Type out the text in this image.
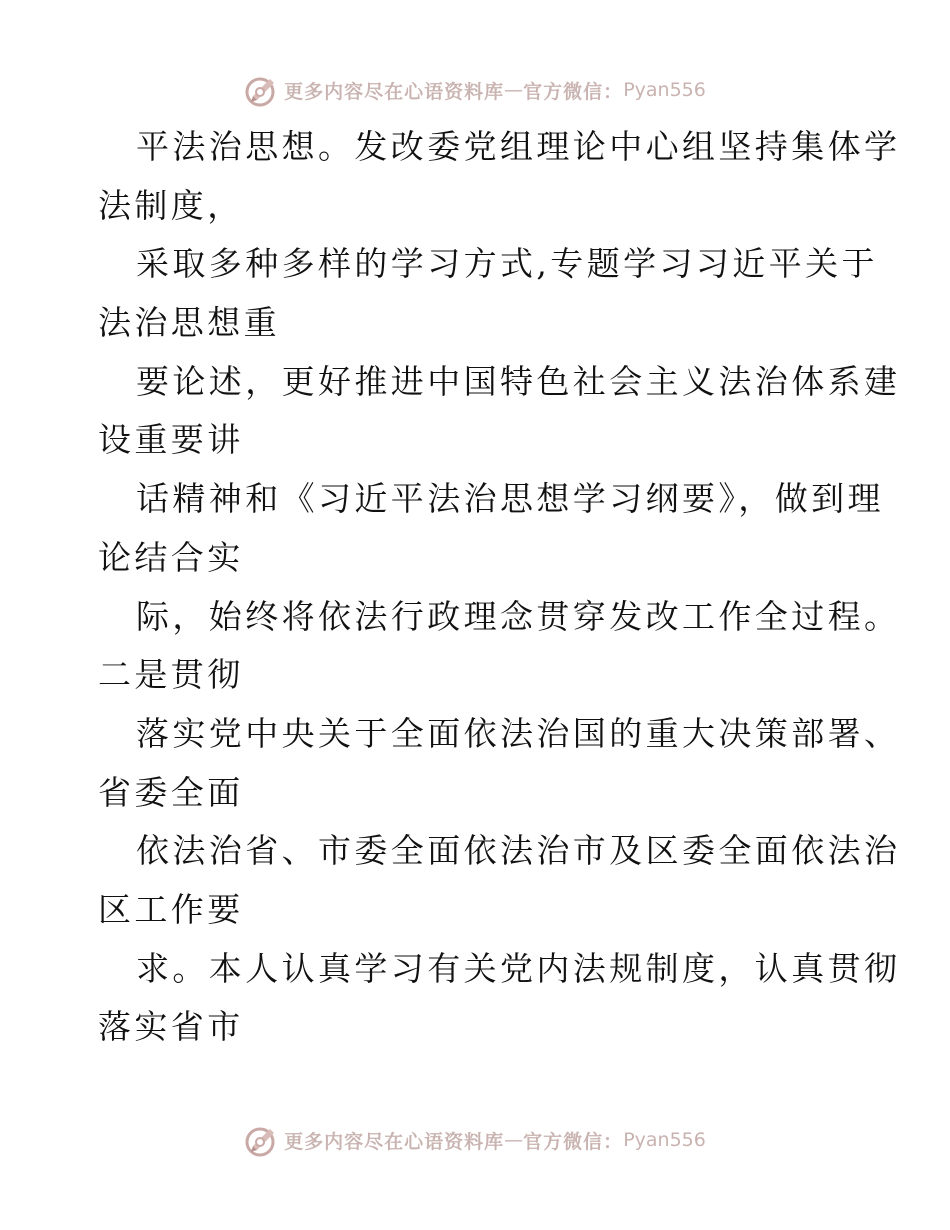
更多内容尽在心语资料库 — 官方微信： Pyan556
平法治思想。发改委党组理论中心组坚持集体学
法制度，
采取多种多样的学习方式,专题学习习近平关于
法治思想重
要论述，更好推进中国特色社会主义法治体系建
设重要讲
话精神和《习近平法治思想学习纲要》，做到理
论结合实
际，始终将依法行政理念贯穿发改工作全过程。
二是贯彻
落实党中央关于全面依法治国的重大决策部署、
省委全面
依法治省、市委全面依法治市及区委全面依法治
区工作要
求。本人认真学习有关党内法规制度，认真贯彻
落实省市
更多内容尽在心语资料库 — 官方微信： Pyan556
